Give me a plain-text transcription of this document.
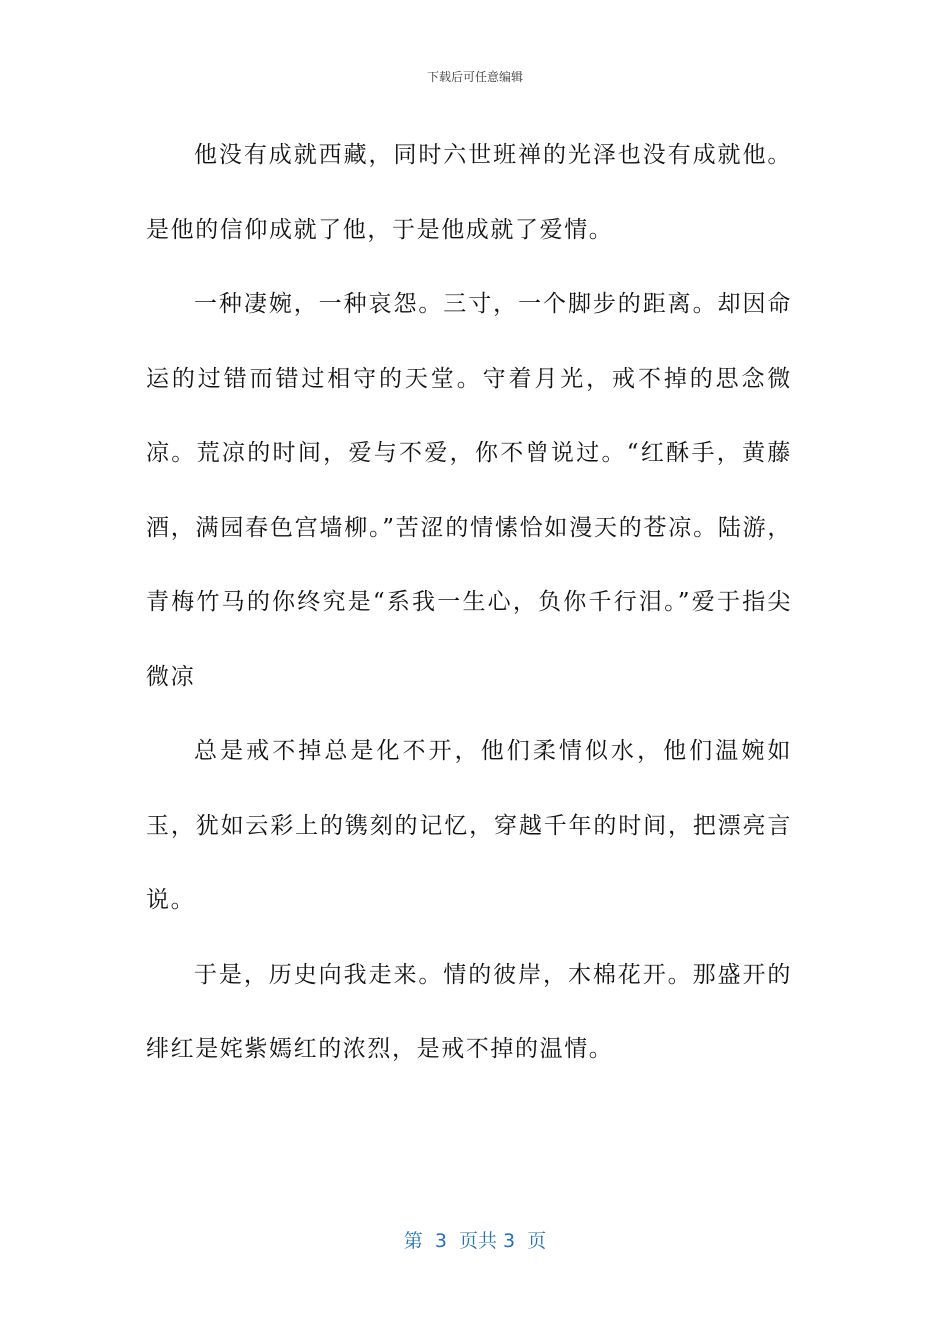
下载后可任意编辑

他没有成就西藏，同时六世班禅的光泽也没有成就他。是他的信仰成就了他，于是他成就了爱情。

一种凄婉，一种哀怨。三寸，一个脚步的距离。却因命运的过错而错过相守的天堂。守着月光，戒不掉的思念微凉。荒凉的时间，爱与不爱，你不曾说过。“红酥手，黄藤酒，满园春色宫墙柳。”苦涩的情愫恰如漫天的苍凉。陆游，青梅竹马的你终究是“系我一生心，负你千行泪。”爱于指尖微凉

总是戒不掉总是化不开，他们柔情似水，他们温婉如玉，犹如云彩上的镌刻的记忆，穿越千年的时间，把漂亮言说。

于是，历史向我走来。情的彼岸，木棉花开。那盛开的绯红是姹紫嫣红的浓烈，是戒不掉的温情。

第  3  页共 3  页
